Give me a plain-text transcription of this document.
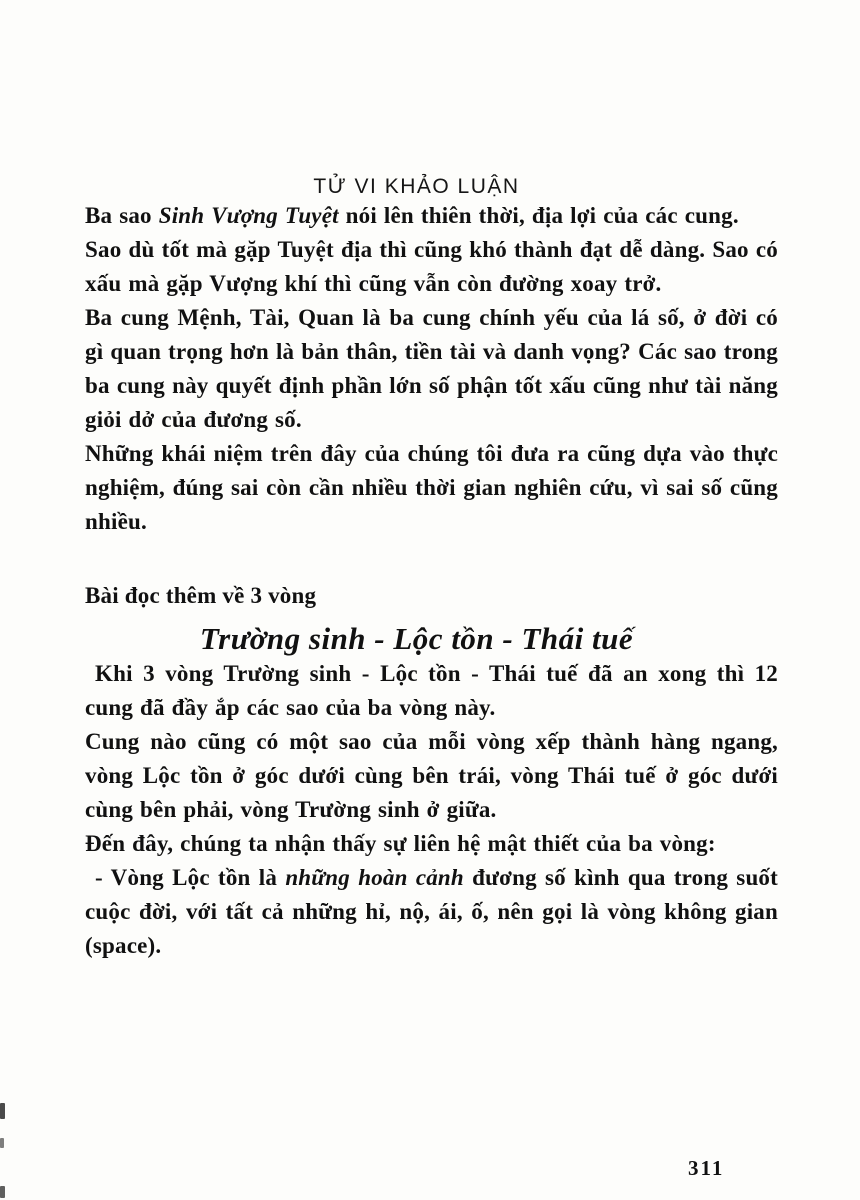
TỬ VI KHẢO LUẬN

Ba sao Sinh Vượng Tuyệt nói lên thiên thời, địa lợi của các cung.

Sao dù tốt mà gặp Tuyệt địa thì cũng khó thành đạt dễ dàng. Sao có xấu mà gặp Vượng khí thì cũng vẫn còn đường xoay trở.

Ba cung Mệnh, Tài, Quan là ba cung chính yếu của lá số, ở đời có gì quan trọng hơn là bản thân, tiền tài và danh vọng? Các sao trong ba cung này quyết định phần lớn số phận tốt xấu cũng như tài năng giỏi dở của đương số.

Những khái niệm trên đây của chúng tôi đưa ra cũng dựa vào thực nghiệm, đúng sai còn cần nhiều thời gian nghiên cứu, vì sai số cũng nhiều.

Bài đọc thêm về 3 vòng
Trường sinh - Lộc tồn - Thái tuế

Khi 3 vòng Trường sinh - Lộc tồn - Thái tuế đã an xong thì 12 cung đã đầy ắp các sao của ba vòng này.

Cung nào cũng có một sao của mỗi vòng xếp thành hàng ngang, vòng Lộc tồn ở góc dưới cùng bên trái, vòng Thái tuế ở góc dưới cùng bên phải, vòng Trường sinh ở giữa.

Đến đây, chúng ta nhận thấy sự liên hệ mật thiết của ba vòng:

- Vòng Lộc tồn là những hoàn cảnh đương số kình qua trong suốt cuộc đời, với tất cả những hỉ, nộ, ái, ố, nên gọi là vòng không gian (space).

311
